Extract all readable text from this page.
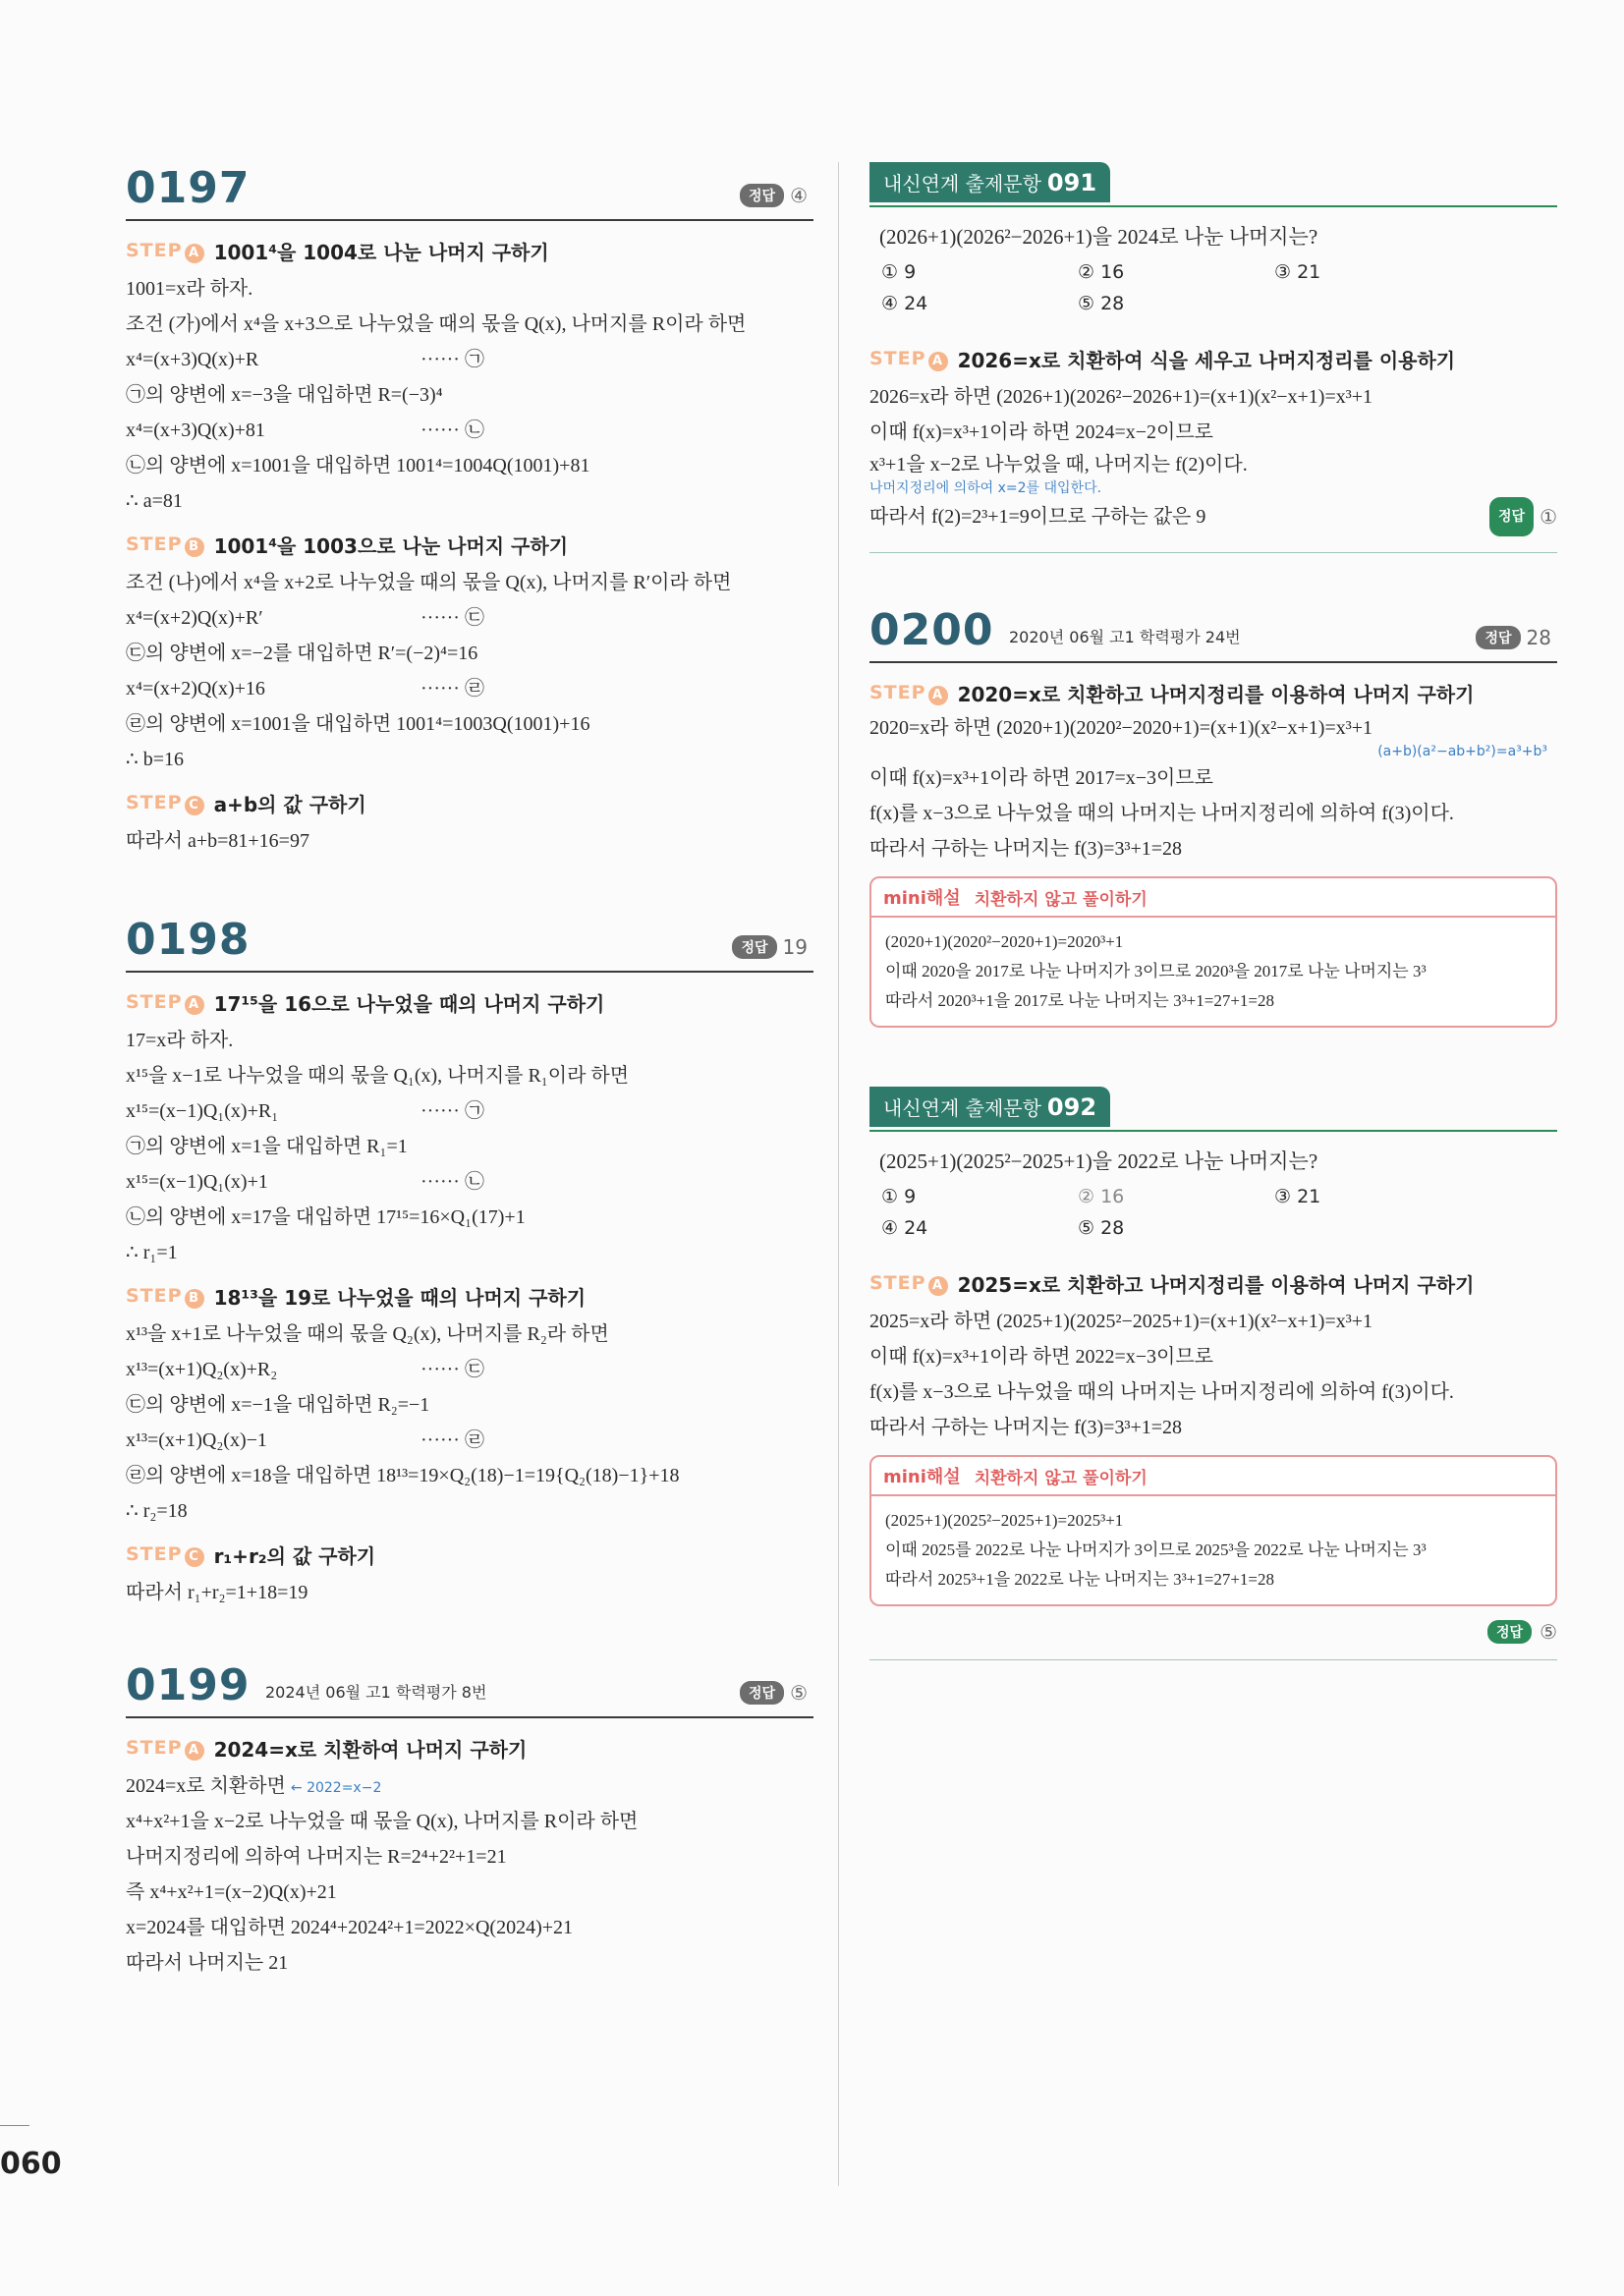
0197	정답 ④
STEP A 1001⁴을 1004로 나눈 나머지 구하기
1001=x라 하자.
조건 (가)에서 x⁴을 x+3으로 나누었을 때의 몫을 Q(x), 나머지를 R이라 하면
x⁴=(x+3)Q(x)+R	······ ㉠
㉠의 양변에 x=−3을 대입하면 R=(−3)⁴
x⁴=(x+3)Q(x)+81	······ ㉡
㉡의 양변에 x=1001을 대입하면 1001⁴=1004Q(1001)+81
∴ a=81
STEP B 1001⁴을 1003으로 나눈 나머지 구하기
조건 (나)에서 x⁴을 x+2로 나누었을 때의 몫을 Q(x), 나머지를 R′이라 하면
x⁴=(x+2)Q(x)+R′	······ ㉢
㉢의 양변에 x=−2를 대입하면 R′=(−2)⁴=16
x⁴=(x+2)Q(x)+16	······ ㉣
㉣의 양변에 x=1001을 대입하면 1001⁴=1003Q(1001)+16
∴ b=16
STEP C a+b의 값 구하기
따라서 a+b=81+16=97
0198	정답 19
STEP A 17¹⁵을 16으로 나누었을 때의 나머지 구하기
17=x라 하자.
x¹⁵을 x−1로 나누었을 때의 몫을 Q₁(x), 나머지를 R₁이라 하면
x¹⁵=(x−1)Q₁(x)+R₁	······ ㉠
㉠의 양변에 x=1을 대입하면 R₁=1
x¹⁵=(x−1)Q₁(x)+1	······ ㉡
㉡의 양변에 x=17을 대입하면 17¹⁵=16×Q₁(17)+1
∴ r₁=1
STEP B 18¹³을 19로 나누었을 때의 나머지 구하기
x¹³을 x+1로 나누었을 때의 몫을 Q₂(x), 나머지를 R₂라 하면
x¹³=(x+1)Q₂(x)+R₂	······ ㉢
㉢의 양변에 x=−1을 대입하면 R₂=−1
x¹³=(x+1)Q₂(x)−1	······ ㉣
㉣의 양변에 x=18을 대입하면 18¹³=19×Q₂(18)−1=19{Q₂(18)−1}+18
∴ r₂=18
STEP C r₁+r₂의 값 구하기
따라서 r₁+r₂=1+18=19
0199 2024년 06월 고1 학력평가 8번	정답 ⑤
STEP A 2024=x로 치환하여 나머지 구하기
2024=x로 치환하면 ← 2022=x−2
x⁴+x²+1을 x−2로 나누었을 때 몫을 Q(x), 나머지를 R이라 하면
나머지정리에 의하여 나머지는 R=2⁴+2²+1=21
즉 x⁴+x²+1=(x−2)Q(x)+21
x=2024를 대입하면 2024⁴+2024²+1=2022×Q(2024)+21
따라서 나머지는 21
내신연계 출제문항 091
(2026+1)(2026²−2026+1)을 2024로 나눈 나머지는?
① 9	② 16	③ 21
④ 24	⑤ 28
STEP A 2026=x로 치환하여 식을 세우고 나머지정리를 이용하기
2026=x라 하면 (2026+1)(2026²−2026+1)=(x+1)(x²−x+1)=x³+1
이때 f(x)=x³+1이라 하면 2024=x−2이므로
x³+1을 x−2로 나누었을 때, 나머지는 f(2)이다.
나머지정리에 의하여 x=2를 대입한다.
따라서 f(2)=2³+1=9이므로 구하는 값은 9	정답 ①
0200 2020년 06월 고1 학력평가 24번	정답 28
STEP A 2020=x로 치환하고 나머지정리를 이용하여 나머지 구하기
2020=x라 하면 (2020+1)(2020²−2020+1)=(x+1)(x²−x+1)=x³+1
(a+b)(a²−ab+b²)=a³+b³
이때 f(x)=x³+1이라 하면 2017=x−3이므로
f(x)를 x−3으로 나누었을 때의 나머지는 나머지정리에 의하여 f(3)이다.
따라서 구하는 나머지는 f(3)=3³+1=28
mini해설 치환하지 않고 풀이하기
(2020+1)(2020²−2020+1)=2020³+1
이때 2020을 2017로 나눈 나머지가 3이므로 2020³을 2017로 나눈 나머지는 3³
따라서 2020³+1을 2017로 나눈 나머지는 3³+1=27+1=28
내신연계 출제문항 092
(2025+1)(2025²−2025+1)을 2022로 나눈 나머지는?
① 9	② 16	③ 21
④ 24	⑤ 28
STEP A 2025=x로 치환하고 나머지정리를 이용하여 나머지 구하기
2025=x라 하면 (2025+1)(2025²−2025+1)=(x+1)(x²−x+1)=x³+1
이때 f(x)=x³+1이라 하면 2022=x−3이므로
f(x)를 x−3으로 나누었을 때의 나머지는 나머지정리에 의하여 f(3)이다.
따라서 구하는 나머지는 f(3)=3³+1=28
mini해설 치환하지 않고 풀이하기
(2025+1)(2025²−2025+1)=2025³+1
이때 2025를 2022로 나눈 나머지가 3이므로 2025³을 2022로 나눈 나머지는 3³
따라서 2025³+1을 2022로 나눈 나머지는 3³+1=27+1=28
정답 ⑤
060
